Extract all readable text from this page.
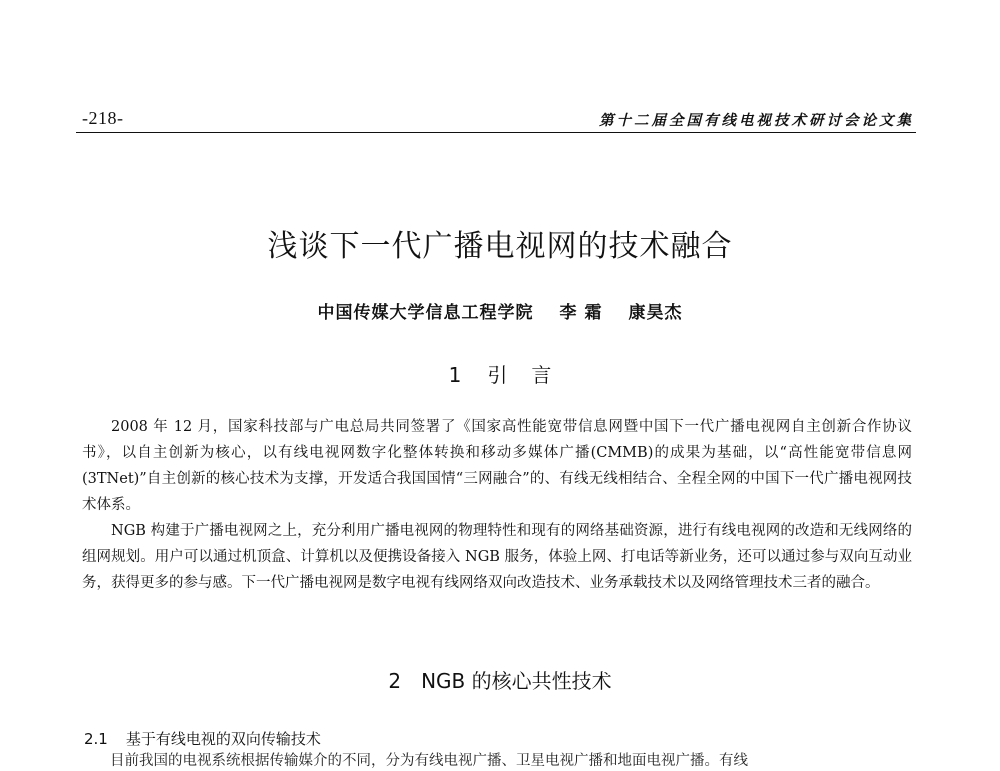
-218-	第十二届全国有线电视技术研讨会论文集
浅谈下一代广播电视网的技术融合
中国传媒大学信息工程学院 李 霜 康昊杰
1 引 言

2008 年 12 月，国家科技部与广电总局共同签署了《国家高性能宽带信息网暨中国下一代广播电视网自主创新合作协议书》，以自主创新为核心，以有线电视网数字化整体转换和移动多媒体广播(CMMB)的成果为基础，以“高性能宽带信息网(3TNet)”自主创新的核心技术为支撑，开发适合我国国情“三网融合”的、有线无线相结合、全程全网的中国下一代广播电视网技术体系。

NGB 构建于广播电视网之上，充分利用广播电视网的物理特性和现有的网络基础资源，进行有线电视网的改造和无线网络的组网规划。用户可以通过机顶盒、计算机以及便携设备接入 NGB 服务，体验上网、打电话等新业务，还可以通过参与双向互动业务，获得更多的参与感。下一代广播电视网是数字电视有线网络双向改造技术、业务承载技术以及网络管理技术三者的融合。

2 NGB 的核心共性技术
2.1 基于有线电视的双向传输技术
目前我国的电视系统根据传输媒介的不同，分为有线电视广播、卫星电视广播和地面电视广播。有线
